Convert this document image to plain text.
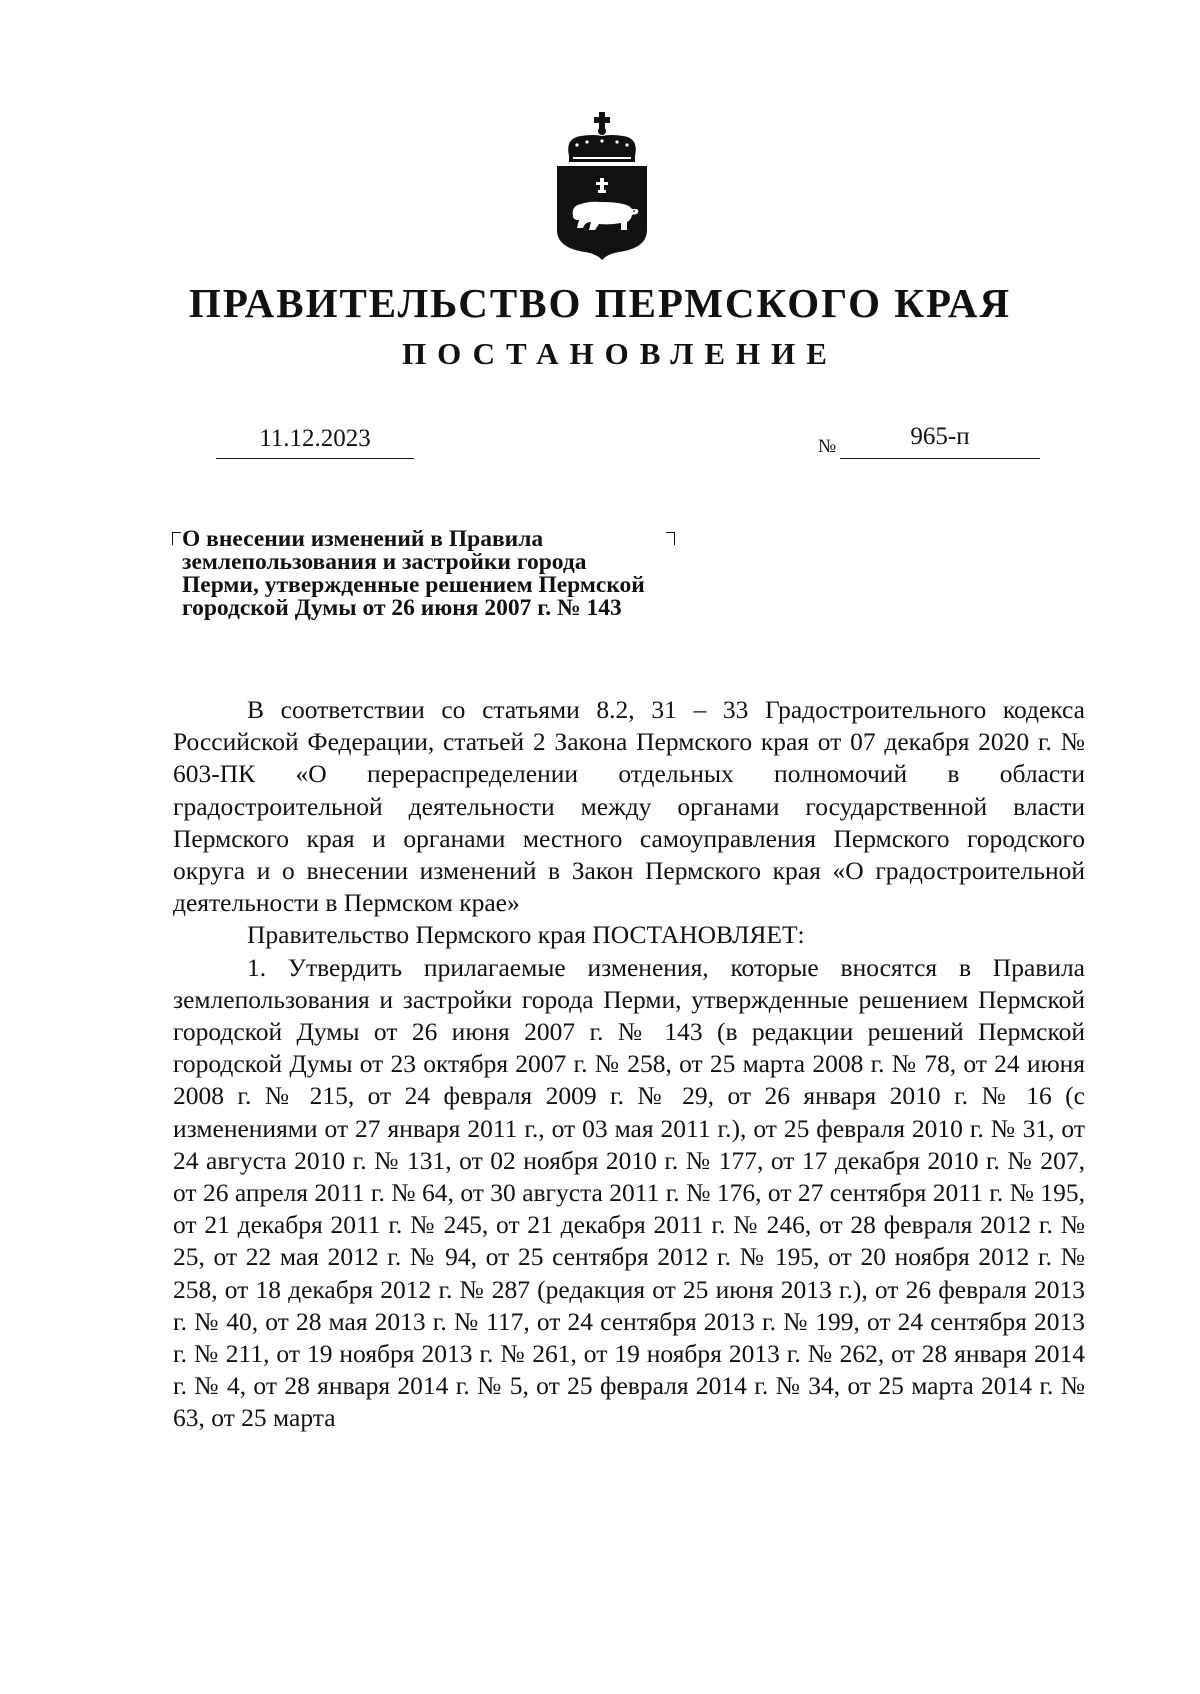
ПРАВИТЕЛЬСТВО ПЕРМСКОГО КРАЯ
ПОСТАНОВЛЕНИЕ
11.12.2023	№	965-п
О внесении изменений в Правила
землепользования и застройки города
Перми, утвержденные решением Пермской
городской Думы от 26 июня 2007 г. № 143

В соответствии со статьями 8.2, 31 – 33 Градостроительного кодекса Российской Федерации, статьей 2 Закона Пермского края от 07 декабря 2020 г. № 603-ПК «О перераспределении отдельных полномочий в области градостроительной деятельности между органами государственной власти Пермского края и органами местного самоуправления Пермского городского округа и о внесении изменений в Закон Пермского края «О градостроительной деятельности в Пермском крае»

Правительство Пермского края ПОСТАНОВЛЯЕТ:

1. Утвердить прилагаемые изменения, которые вносятся в Правила землепользования и застройки города Перми, утвержденные решением Пермской городской Думы от 26 июня 2007 г. № 143 (в редакции решений Пермской городской Думы от 23 октября 2007 г. № 258, от 25 марта 2008 г. № 78, от 24 июня 2008 г. № 215, от 24 февраля 2009 г. № 29, от 26 января 2010 г. № 16 (с изменениями от 27 января 2011 г., от 03 мая 2011 г.), от 25 февраля 2010 г. № 31, от 24 августа 2010 г. № 131, от 02 ноября 2010 г. № 177, от 17 декабря 2010 г. № 207, от 26 апреля 2011 г. № 64, от 30 августа 2011 г. № 176, от 27 сентября 2011 г. № 195, от 21 декабря 2011 г. № 245, от 21 декабря 2011 г. № 246, от 28 февраля 2012 г. № 25, от 22 мая 2012 г. № 94, от 25 сентября 2012 г. № 195, от 20 ноября 2012 г. № 258, от 18 декабря 2012 г. № 287 (редакция от 25 июня 2013 г.), от 26 февраля 2013 г. № 40, от 28 мая 2013 г. № 117, от 24 сентября 2013 г. № 199, от 24 сентября 2013 г. № 211, от 19 ноября 2013 г. № 261, от 19 ноября 2013 г. № 262, от 28 января 2014 г. № 4, от 28 января 2014 г. № 5, от 25 февраля 2014 г. № 34, от 25 марта 2014 г. № 63, от 25 марта
